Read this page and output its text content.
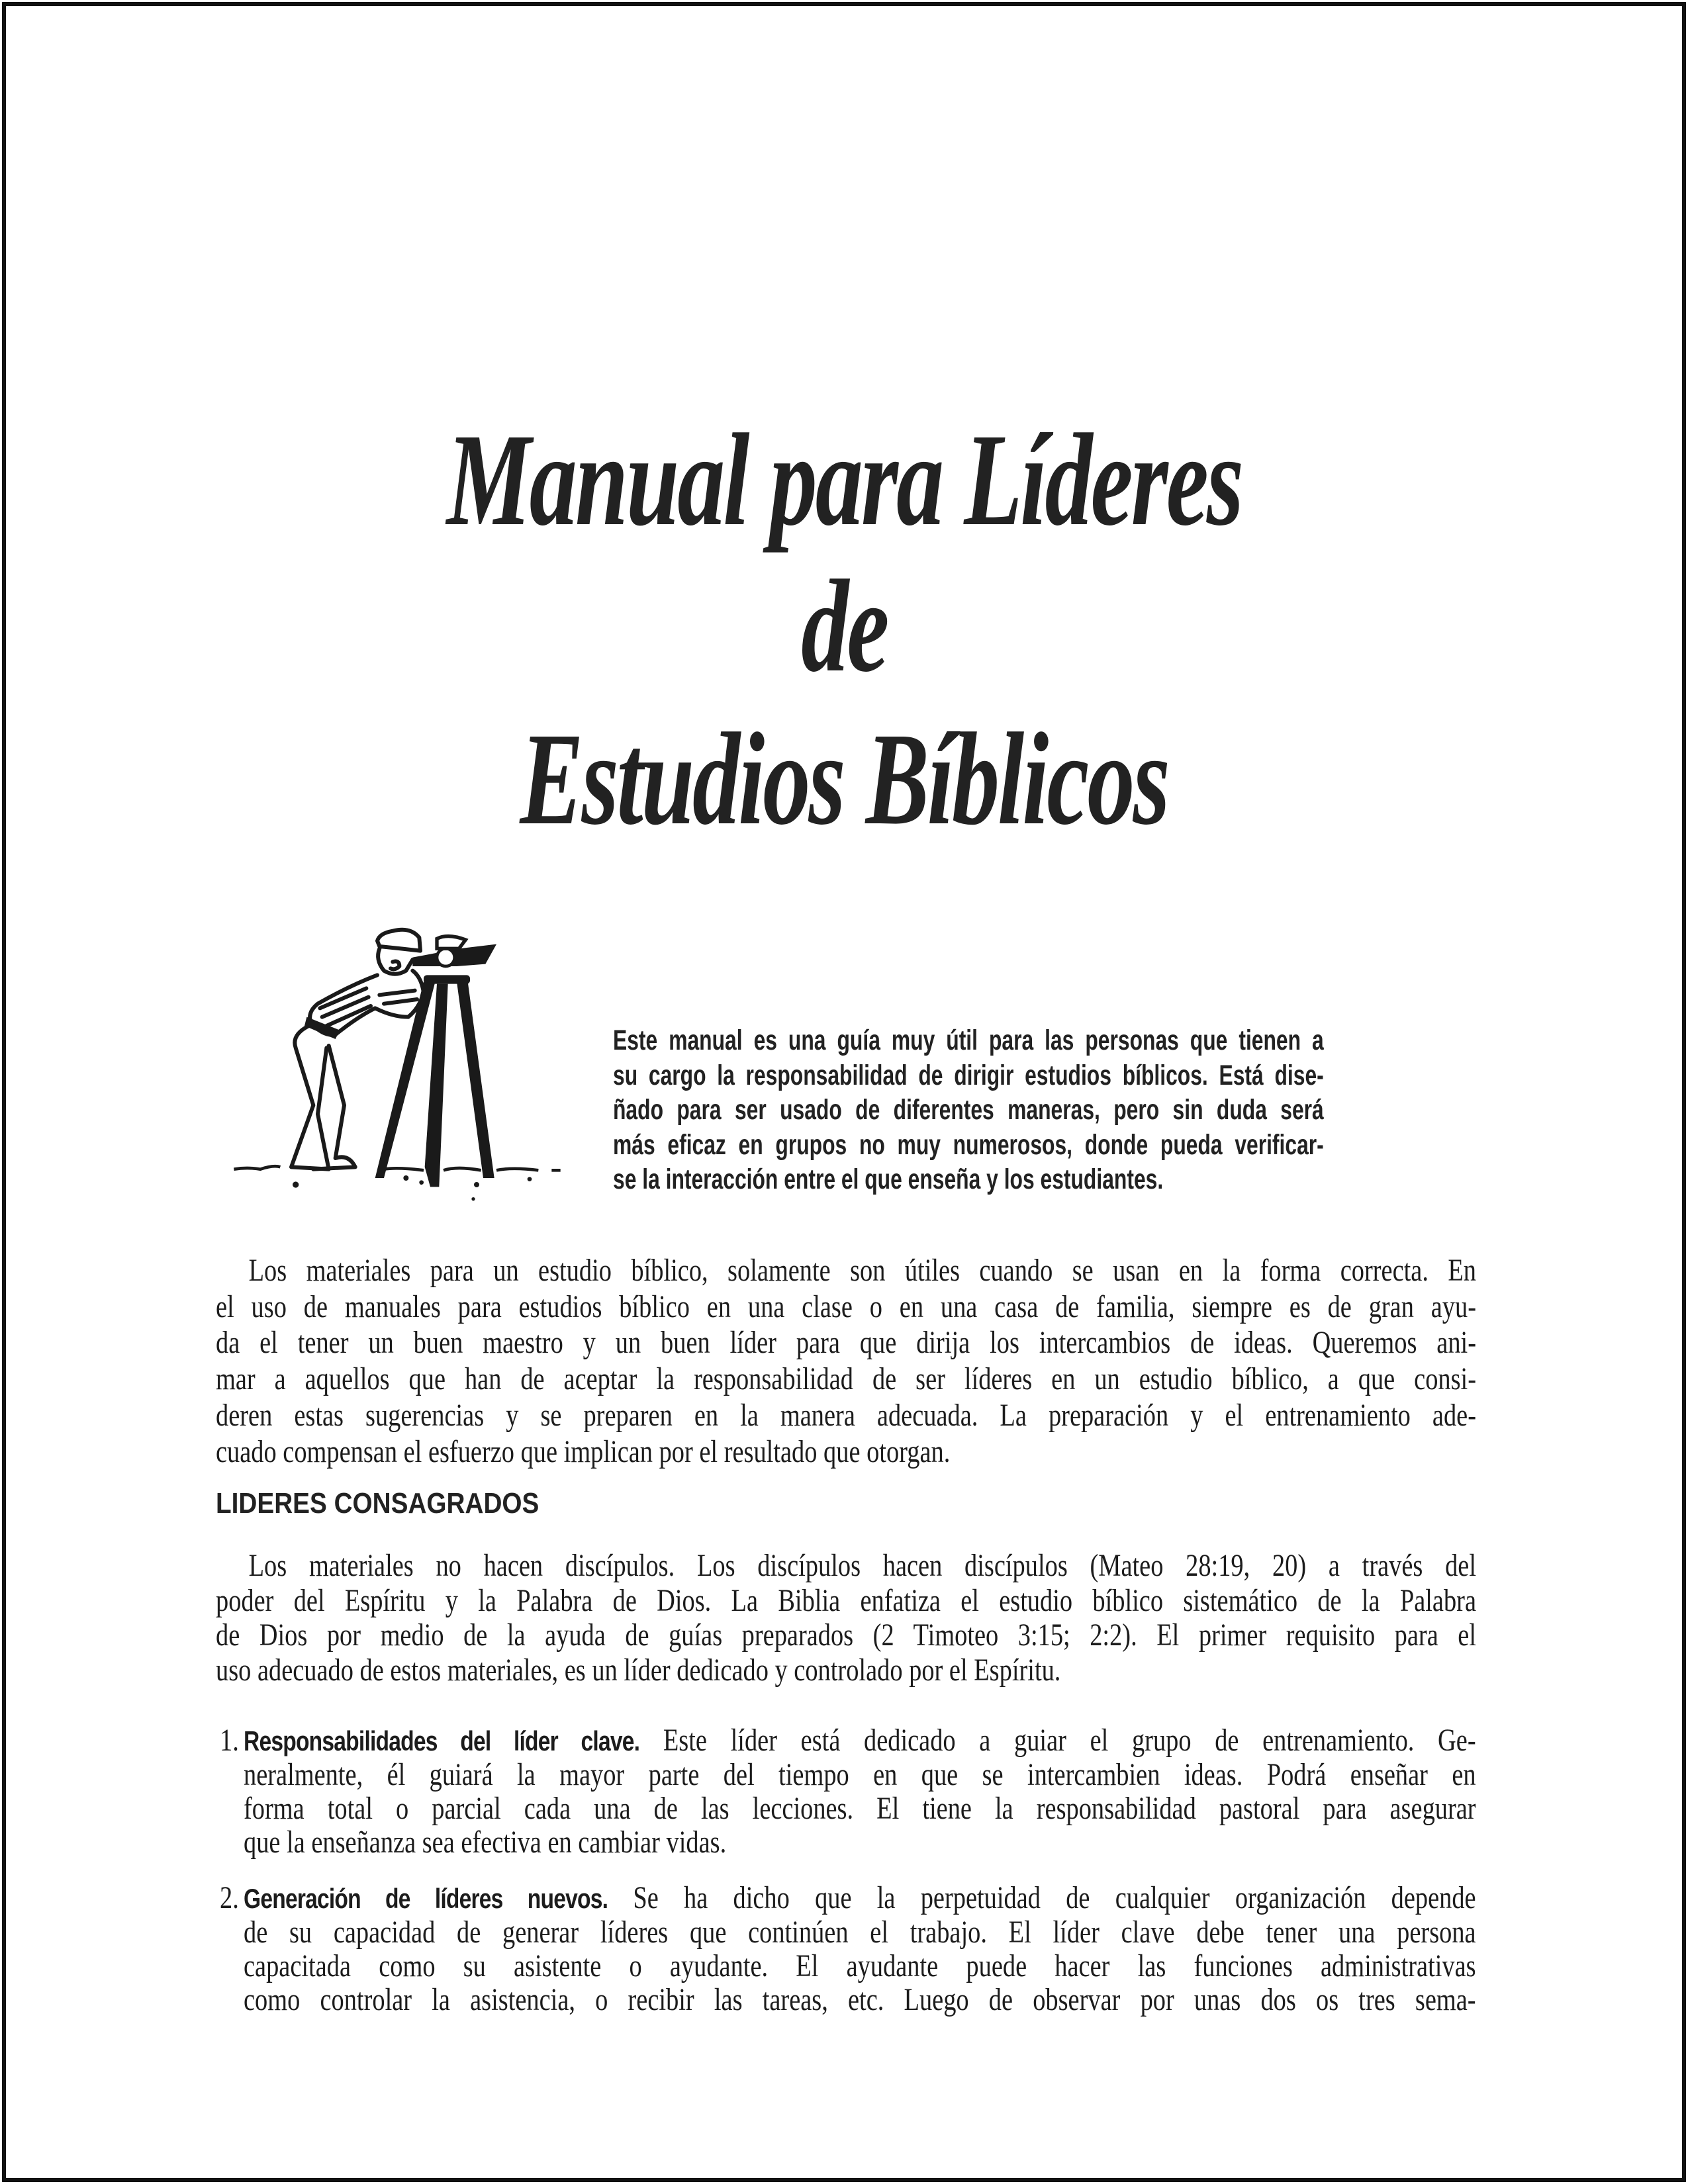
Manual para Líderes
de
Estudios Bíblicos
Este manual es una guía muy útil para las personas que tienen a
su cargo la responsabilidad de dirigir estudios bíblicos. Está dise-
ñado para ser usado de diferentes maneras, pero sin duda será
más eficaz en grupos no muy numerosos, donde pueda verificar-
se la interacción entre el que enseña y los estudiantes.
Los materiales para un estudio bíblico, solamente son útiles cuando se usan en la forma correcta. En
el uso de manuales para estudios bíblico en una clase o en una casa de familia, siempre es de gran ayu-
da el tener un buen maestro y un buen líder para que dirija los intercambios de ideas. Queremos ani-
mar a aquellos que han de aceptar la responsabilidad de ser líderes en un estudio bíblico, a que consi-
deren estas sugerencias y se preparen en la manera adecuada. La preparación y el entrenamiento ade-
cuado compensan el esfuerzo que implican por el resultado que otorgan.
LIDERES CONSAGRADOS
Los materiales no hacen discípulos. Los discípulos hacen discípulos (Mateo 28:19, 20) a través del
poder del Espíritu y la Palabra de Dios. La Biblia enfatiza el estudio bíblico sistemático de la Palabra
de Dios por medio de la ayuda de guías preparados (2 Timoteo 3:15; 2:2). El primer requisito para el
uso adecuado de estos materiales, es un líder dedicado y controlado por el Espíritu.
1. Responsabilidades del líder clave. Este líder está dedicado a guiar el grupo de entrenamiento. Ge-
neralmente, él guiará la mayor parte del tiempo en que se intercambien ideas. Podrá enseñar en
forma total o parcial cada una de las lecciones. El tiene la responsabilidad pastoral para asegurar
que la enseñanza sea efectiva en cambiar vidas.
2. Generación de líderes nuevos. Se ha dicho que la perpetuidad de cualquier organización depende
de su capacidad de generar líderes que continúen el trabajo. El líder clave debe tener una persona
capacitada como su asistente o ayudante. El ayudante puede hacer las funciones administrativas
como controlar la asistencia, o recibir las tareas, etc. Luego de observar por unas dos os tres sema-
